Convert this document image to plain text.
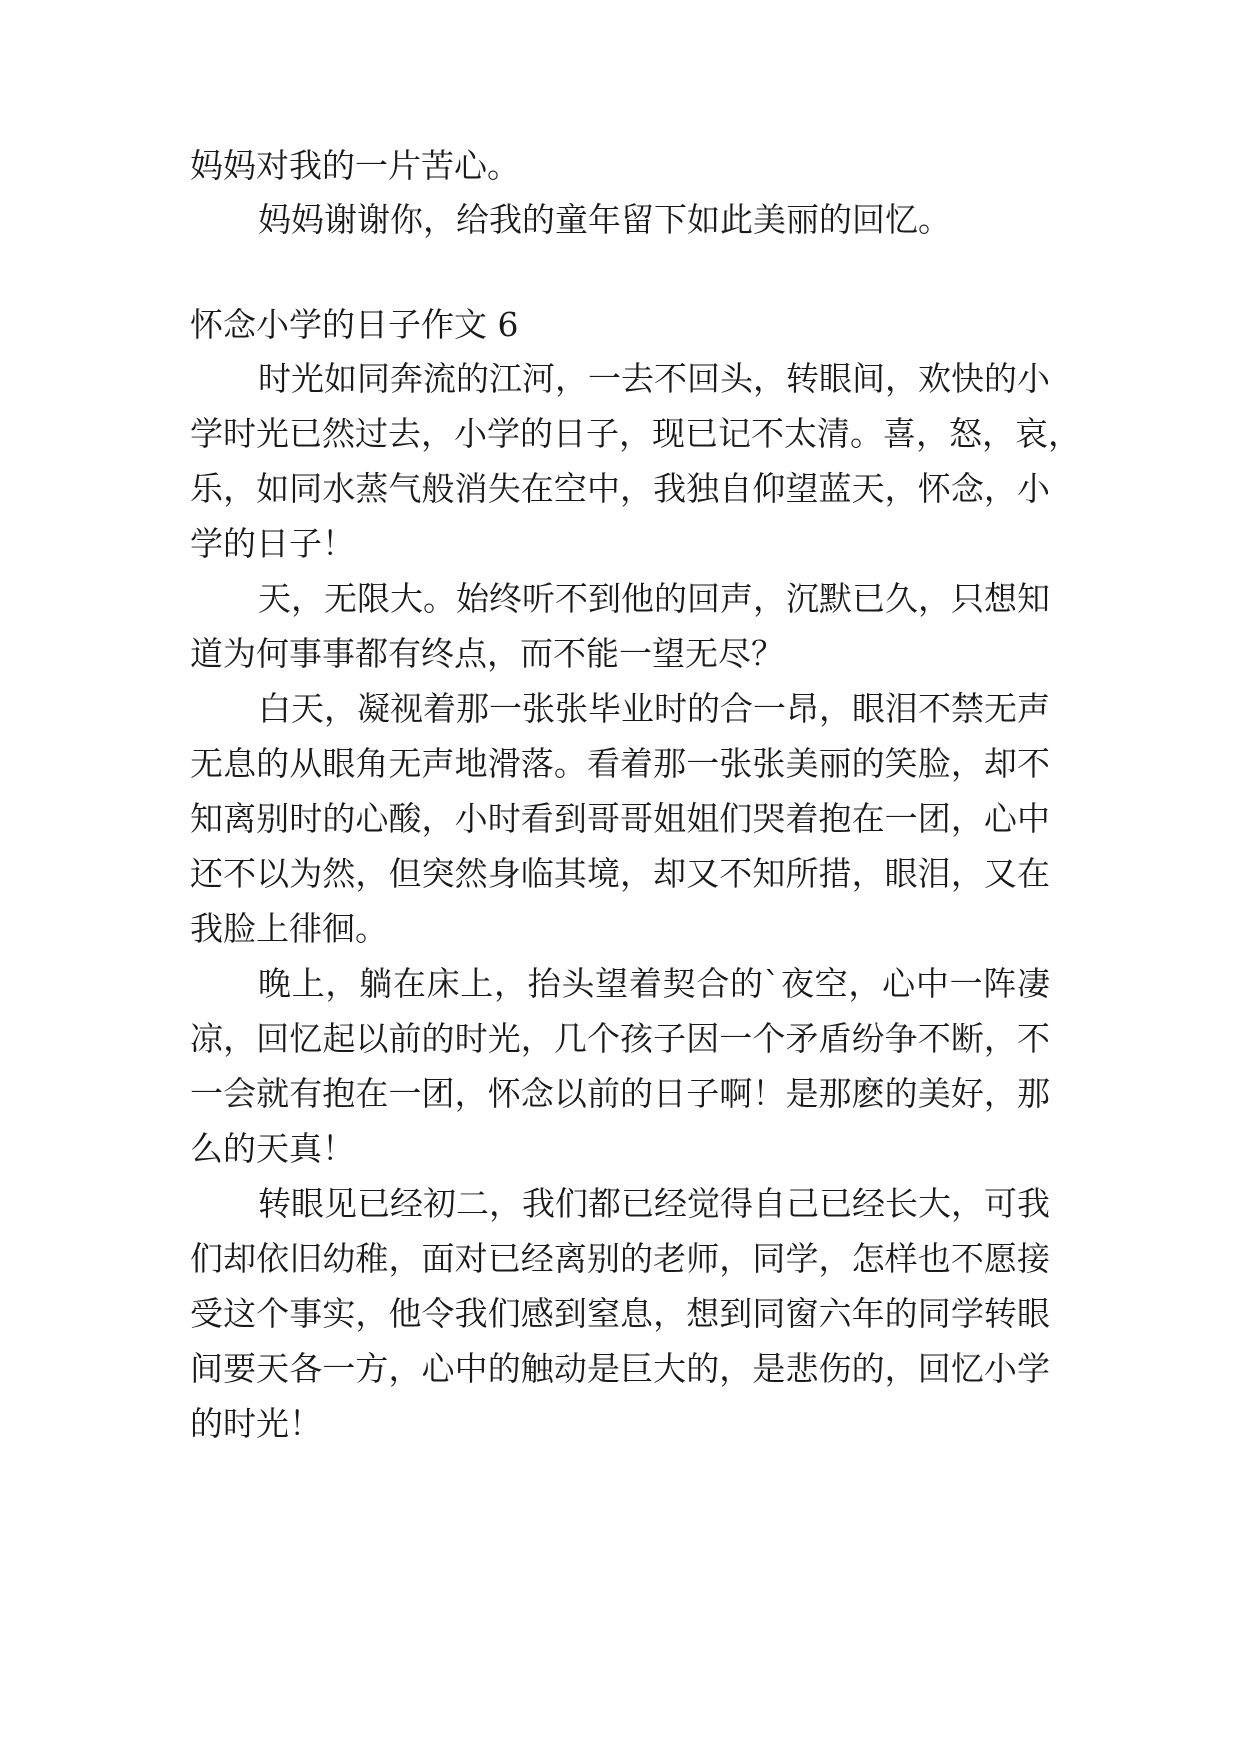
妈妈对我的一片苦心。
妈妈谢谢你，给我的童年留下如此美丽的回忆。
怀念小学的日子作文 6
时光如同奔流的江河，一去不回头，转眼间，欢快的小
学时光已然过去，小学的日子，现已记不太清。喜，怒，哀，
乐，如同水蒸气般消失在空中，我独自仰望蓝天，怀念，小
学的日子！
天，无限大。始终听不到他的回声，沉默已久，只想知
道为何事事都有终点，而不能一望无尽？
白天，凝视着那一张张毕业时的合一昂，眼泪不禁无声
无息的从眼角无声地滑落。看着那一张张美丽的笑脸，却不
知离别时的心酸，小时看到哥哥姐姐们哭着抱在一团，心中
还不以为然，但突然身临其境，却又不知所措，眼泪，又在
我脸上徘徊。
晚上，躺在床上，抬头望着契合的`夜空，心中一阵凄
凉，回忆起以前的时光，几个孩子因一个矛盾纷争不断，不
一会就有抱在一团，怀念以前的日子啊！是那麽的美好，那
么的天真！
转眼见已经初二，我们都已经觉得自己已经长大，可我
们却依旧幼稚，面对已经离别的老师，同学，怎样也不愿接
受这个事实，他令我们感到窒息，想到同窗六年的同学转眼
间要天各一方，心中的触动是巨大的，是悲伤的，回忆小学
的时光！
